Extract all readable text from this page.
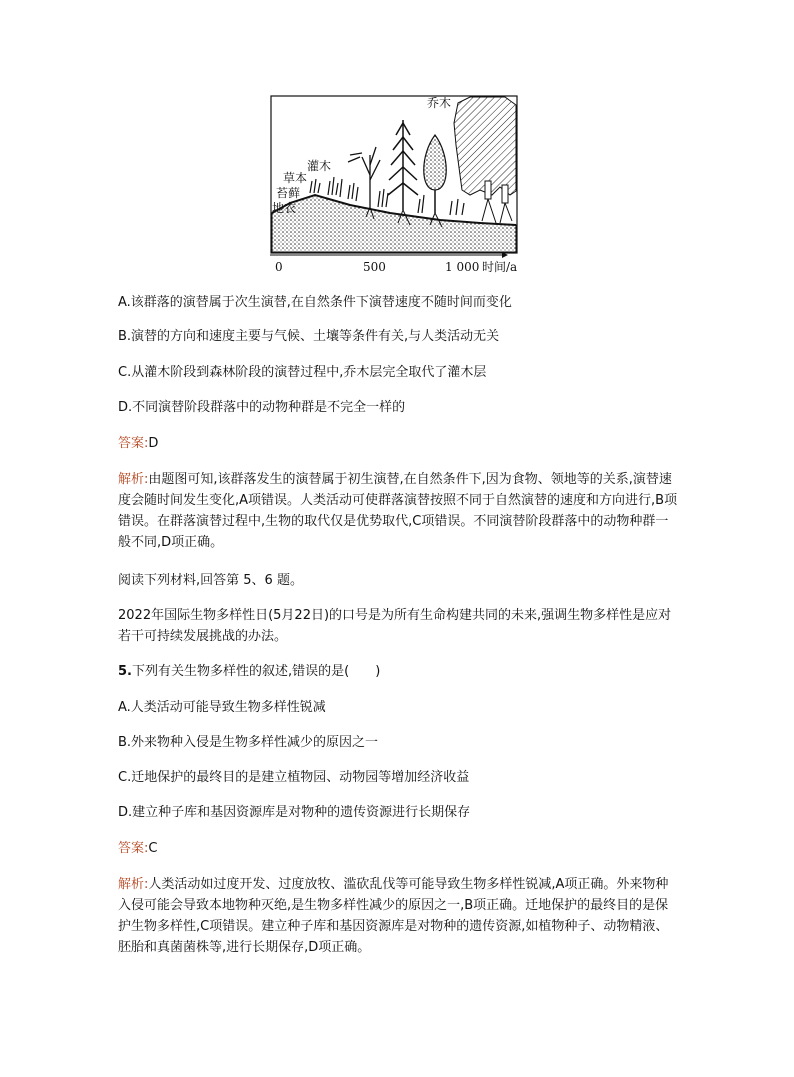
乔木
灌木
草本
苔藓
地衣
0	500	1 000 时间/a

A.该群落的演替属于次生演替,在自然条件下演替速度不随时间而变化

B.演替的方向和速度主要与气候、土壤等条件有关,与人类活动无关

C.从灌木阶段到森林阶段的演替过程中,乔木层完全取代了灌木层

D.不同演替阶段群落中的动物种群是不完全一样的

答案:D

解析:由题图可知,该群落发生的演替属于初生演替,在自然条件下,因为食物、领地等的关系,演替速度会随时间发生变化,A项错误。人类活动可使群落演替按照不同于自然演替的速度和方向进行,B项错误。在群落演替过程中,生物的取代仅是优势取代,C项错误。不同演替阶段群落中的动物种群一般不同,D项正确。

阅读下列材料,回答第 5、6 题。

2022年国际生物多样性日(5月22日)的口号是为所有生命构建共同的未来,强调生物多样性是应对若干可持续发展挑战的办法。

5.下列有关生物多样性的叙述,错误的是(　　)

A.人类活动可能导致生物多样性锐减

B.外来物种入侵是生物多样性减少的原因之一

C.迁地保护的最终目的是建立植物园、动物园等增加经济收益

D.建立种子库和基因资源库是对物种的遗传资源进行长期保存

答案:C

解析:人类活动如过度开发、过度放牧、滥砍乱伐等可能导致生物多样性锐减,A项正确。外来物种入侵可能会导致本地物种灭绝,是生物多样性减少的原因之一,B项正确。迁地保护的最终目的是保护生物多样性,C项错误。建立种子库和基因资源库是对物种的遗传资源,如植物种子、动物精液、胚胎和真菌菌株等,进行长期保存,D项正确。
